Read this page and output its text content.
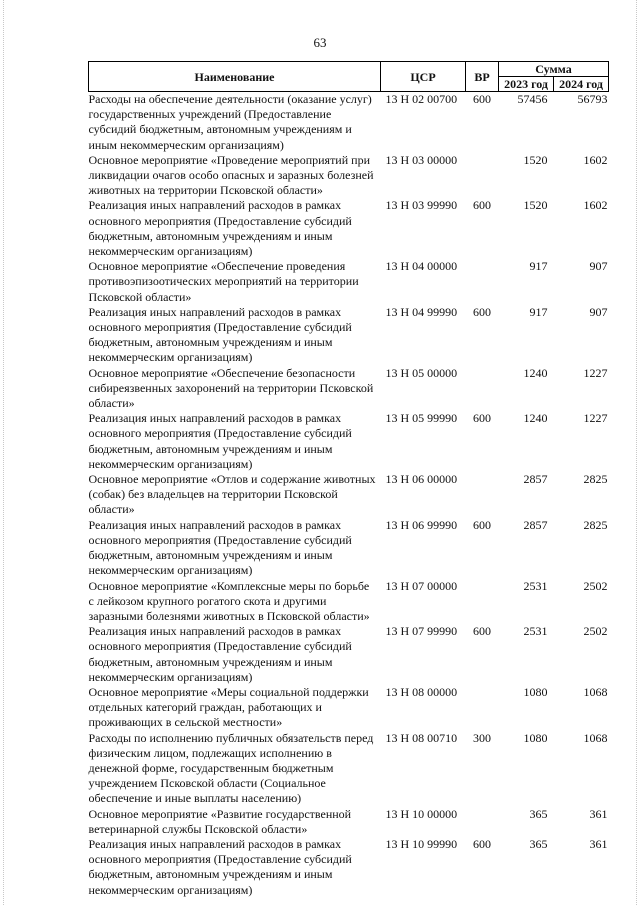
63
Наименование	ЦСР	ВР	Сумма	
			2023 год	2024 год
Расходы на обеспечение деятельности (оказание услуг) государственных учреждений (Предоставление субсидий бюджетным, автономным учреждениям и иным некоммерческим организациям)	13 Н 02 00700	600	57456	56793
Основное мероприятие «Проведение мероприятий при ликвидации очагов особо опасных и заразных болезней животных на территории Псковской области»	13 Н 03 00000		1520	1602
Реализация иных направлений расходов в рамках основного мероприятия (Предоставление субсидий бюджетным, автономным учреждениям и иным некоммерческим организациям)	13 Н 03 99990	600	1520	1602
Основное мероприятие «Обеспечение проведения противоэпизоотических мероприятий на территории Псковской области»	13 Н 04 00000		917	907
Реализация иных направлений расходов в рамках основного мероприятия (Предоставление субсидий бюджетным, автономным учреждениям и иным некоммерческим организациям)	13 Н 04 99990	600	917	907
Основное мероприятие «Обеспечение безопасности сибиреязвенных захоронений на территории Псковской области»	13 Н 05 00000		1240	1227
Реализация иных направлений расходов в рамках основного мероприятия (Предоставление субсидий бюджетным, автономным учреждениям и иным некоммерческим организациям)	13 Н 05 99990	600	1240	1227
Основное мероприятие «Отлов и содержание животных (собак) без владельцев на территории Псковской области»	13 Н 06 00000		2857	2825
Реализация иных направлений расходов в рамках основного мероприятия (Предоставление субсидий бюджетным, автономным учреждениям и иным некоммерческим организациям)	13 Н 06 99990	600	2857	2825
Основное мероприятие «Комплексные меры по борьбе с лейкозом крупного рогатого скота и другими заразными болезнями животных в Псковской области»	13 Н 07 00000		2531	2502
Реализация иных направлений расходов в рамках основного мероприятия (Предоставление субсидий бюджетным, автономным учреждениям и иным некоммерческим организациям)	13 Н 07 99990	600	2531	2502
Основное мероприятие «Меры социальной поддержки отдельных категорий граждан, работающих и проживающих в сельской местности»	13 Н 08 00000		1080	1068
Расходы по исполнению публичных обязательств перед физическим лицом, подлежащих исполнению в денежной форме, государственным бюджетным учреждением Псковской области (Социальное обеспечение и иные выплаты населению)	13 Н 08 00710	300	1080	1068
Основное мероприятие «Развитие государственной ветеринарной службы Псковской области»	13 Н 10 00000		365	361
Реализация иных направлений расходов в рамках основного мероприятия (Предоставление субсидий бюджетным, автономным учреждениям и иным некоммерческим организациям)	13 Н 10 99990	600	365	361
